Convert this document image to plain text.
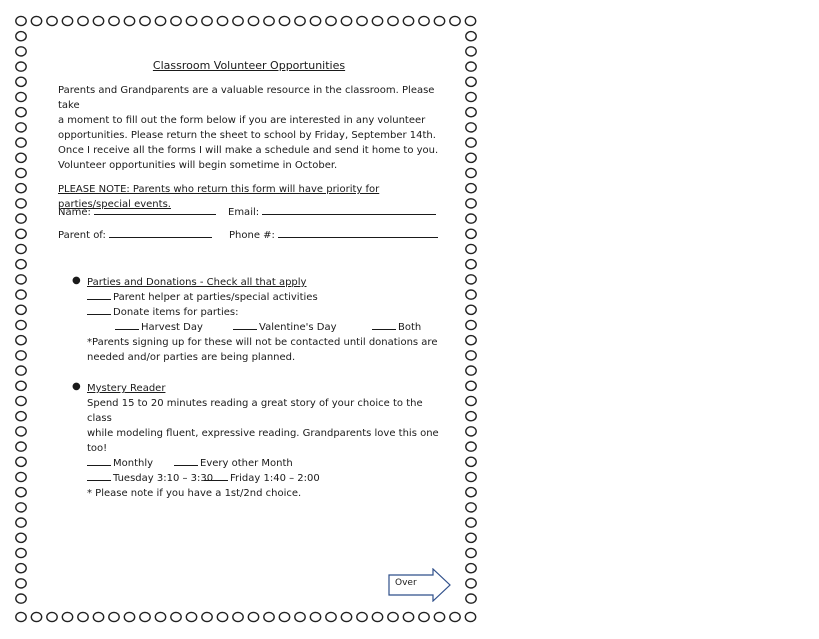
Classroom Volunteer Opportunities

Parents and Grandparents are a valuable resource in the classroom. Please take

a moment to fill out the form below if you are interested in any volunteer

opportunities. Please return the sheet to school by Friday, September 14th.

Once I receive all the forms I will make a schedule and send it home to you.

Volunteer opportunities will begin sometime in October.

PLEASE NOTE: Parents who return this form will have priority for
parties/special events.
Name:	Email:
Parent of:	Phone #:
● Parties and Donations - Check all that apply
Parent helper at parties/special activities
Donate items for parties:
Harvest Day	Valentine's Day	Both
*Parents signing up for these will not be contacted until donations are
needed and/or parties are being planned.
● Mystery Reader
Spend 15 to 20 minutes reading a great story of your choice to the class
while modeling fluent, expressive reading. Grandparents love this one
too!
Monthly	Every other Month
Tuesday 3:10 – 3:30	Friday 1:40 – 2:00
* Please note if you have a 1st/2nd choice.
Over
